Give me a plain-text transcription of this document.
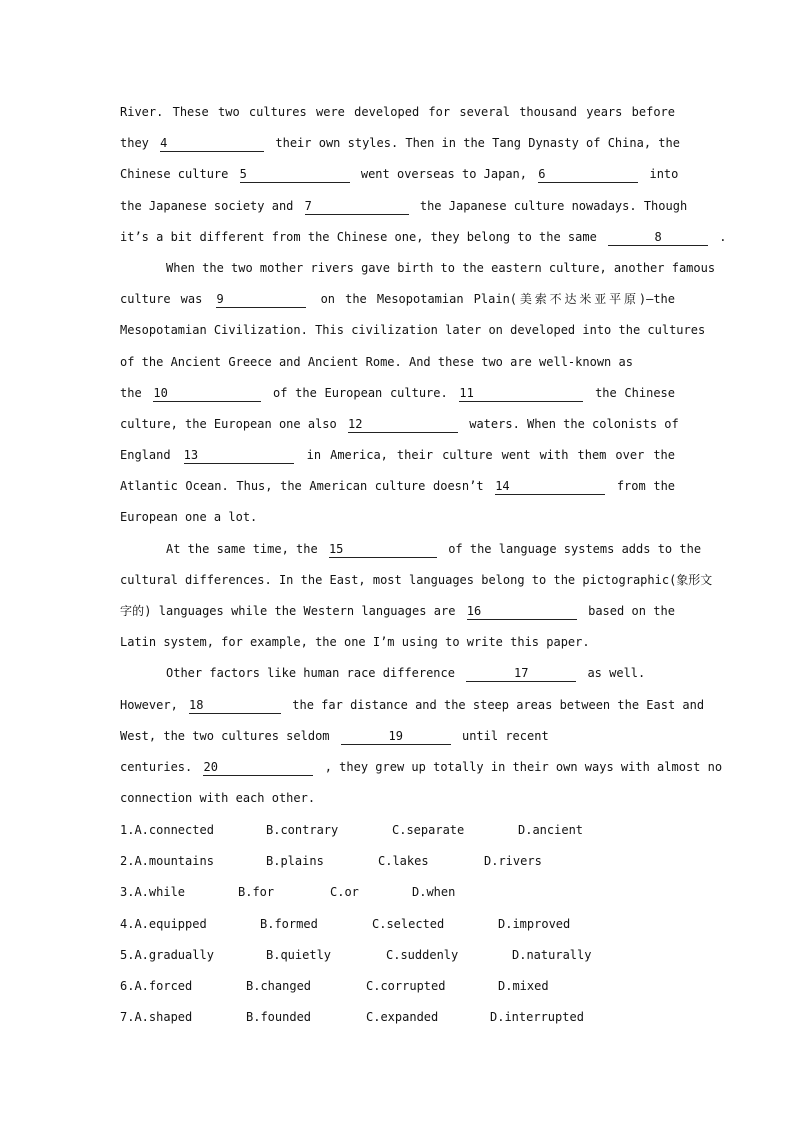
River. These two cultures were developed for several thousand years before
they 4	their own styles. Then in the Tang Dynasty of China, the
Chinese culture 5	went overseas to Japan, 6	into
the Japanese society and 7	the Japanese culture nowadays. Though
it’s a bit different from the Chinese one, they belong to the same	8	.
When the two mother rivers gave birth to the eastern culture, another famous
culture was 9	on the Mesopotamian Plain(美索不达米亚平原)—the
Mesopotamian Civilization. This civilization later on developed into the cultures
of the Ancient Greece and Ancient Rome. And these two are well-known as
the 10	of the European culture. 11	the Chinese
culture, the European one also 12	waters. When the colonists of
England 13	in America, their culture went with them over the
Atlantic Ocean. Thus, the American culture doesn’t 14	from the
European one a lot.
At the same time, the 15	of the language systems adds to the
cultural differences. In the East, most languages belong to the pictographic(象形文
字的) languages while the Western languages are 16	based on the
Latin system, for example, the one I’m using to write this paper.
Other factors like human race difference	17	as well.
However, 18	the far distance and the steep areas between the East and
West, the two cultures seldom	19	until recent
centuries. 20	, they grew up totally in their own ways with almost no
connection with each other.
1.A.connected	B.contrary	C.separate	D.ancient
2.A.mountains	B.plains	C.lakes	D.rivers
3.A.while	B.for	C.or	D.when
4.A.equipped	B.formed	C.selected	D.improved
5.A.gradually	B.quietly	C.suddenly	D.naturally
6.A.forced	B.changed	C.corrupted	D.mixed
7.A.shaped	B.founded	C.expanded	D.interrupted
